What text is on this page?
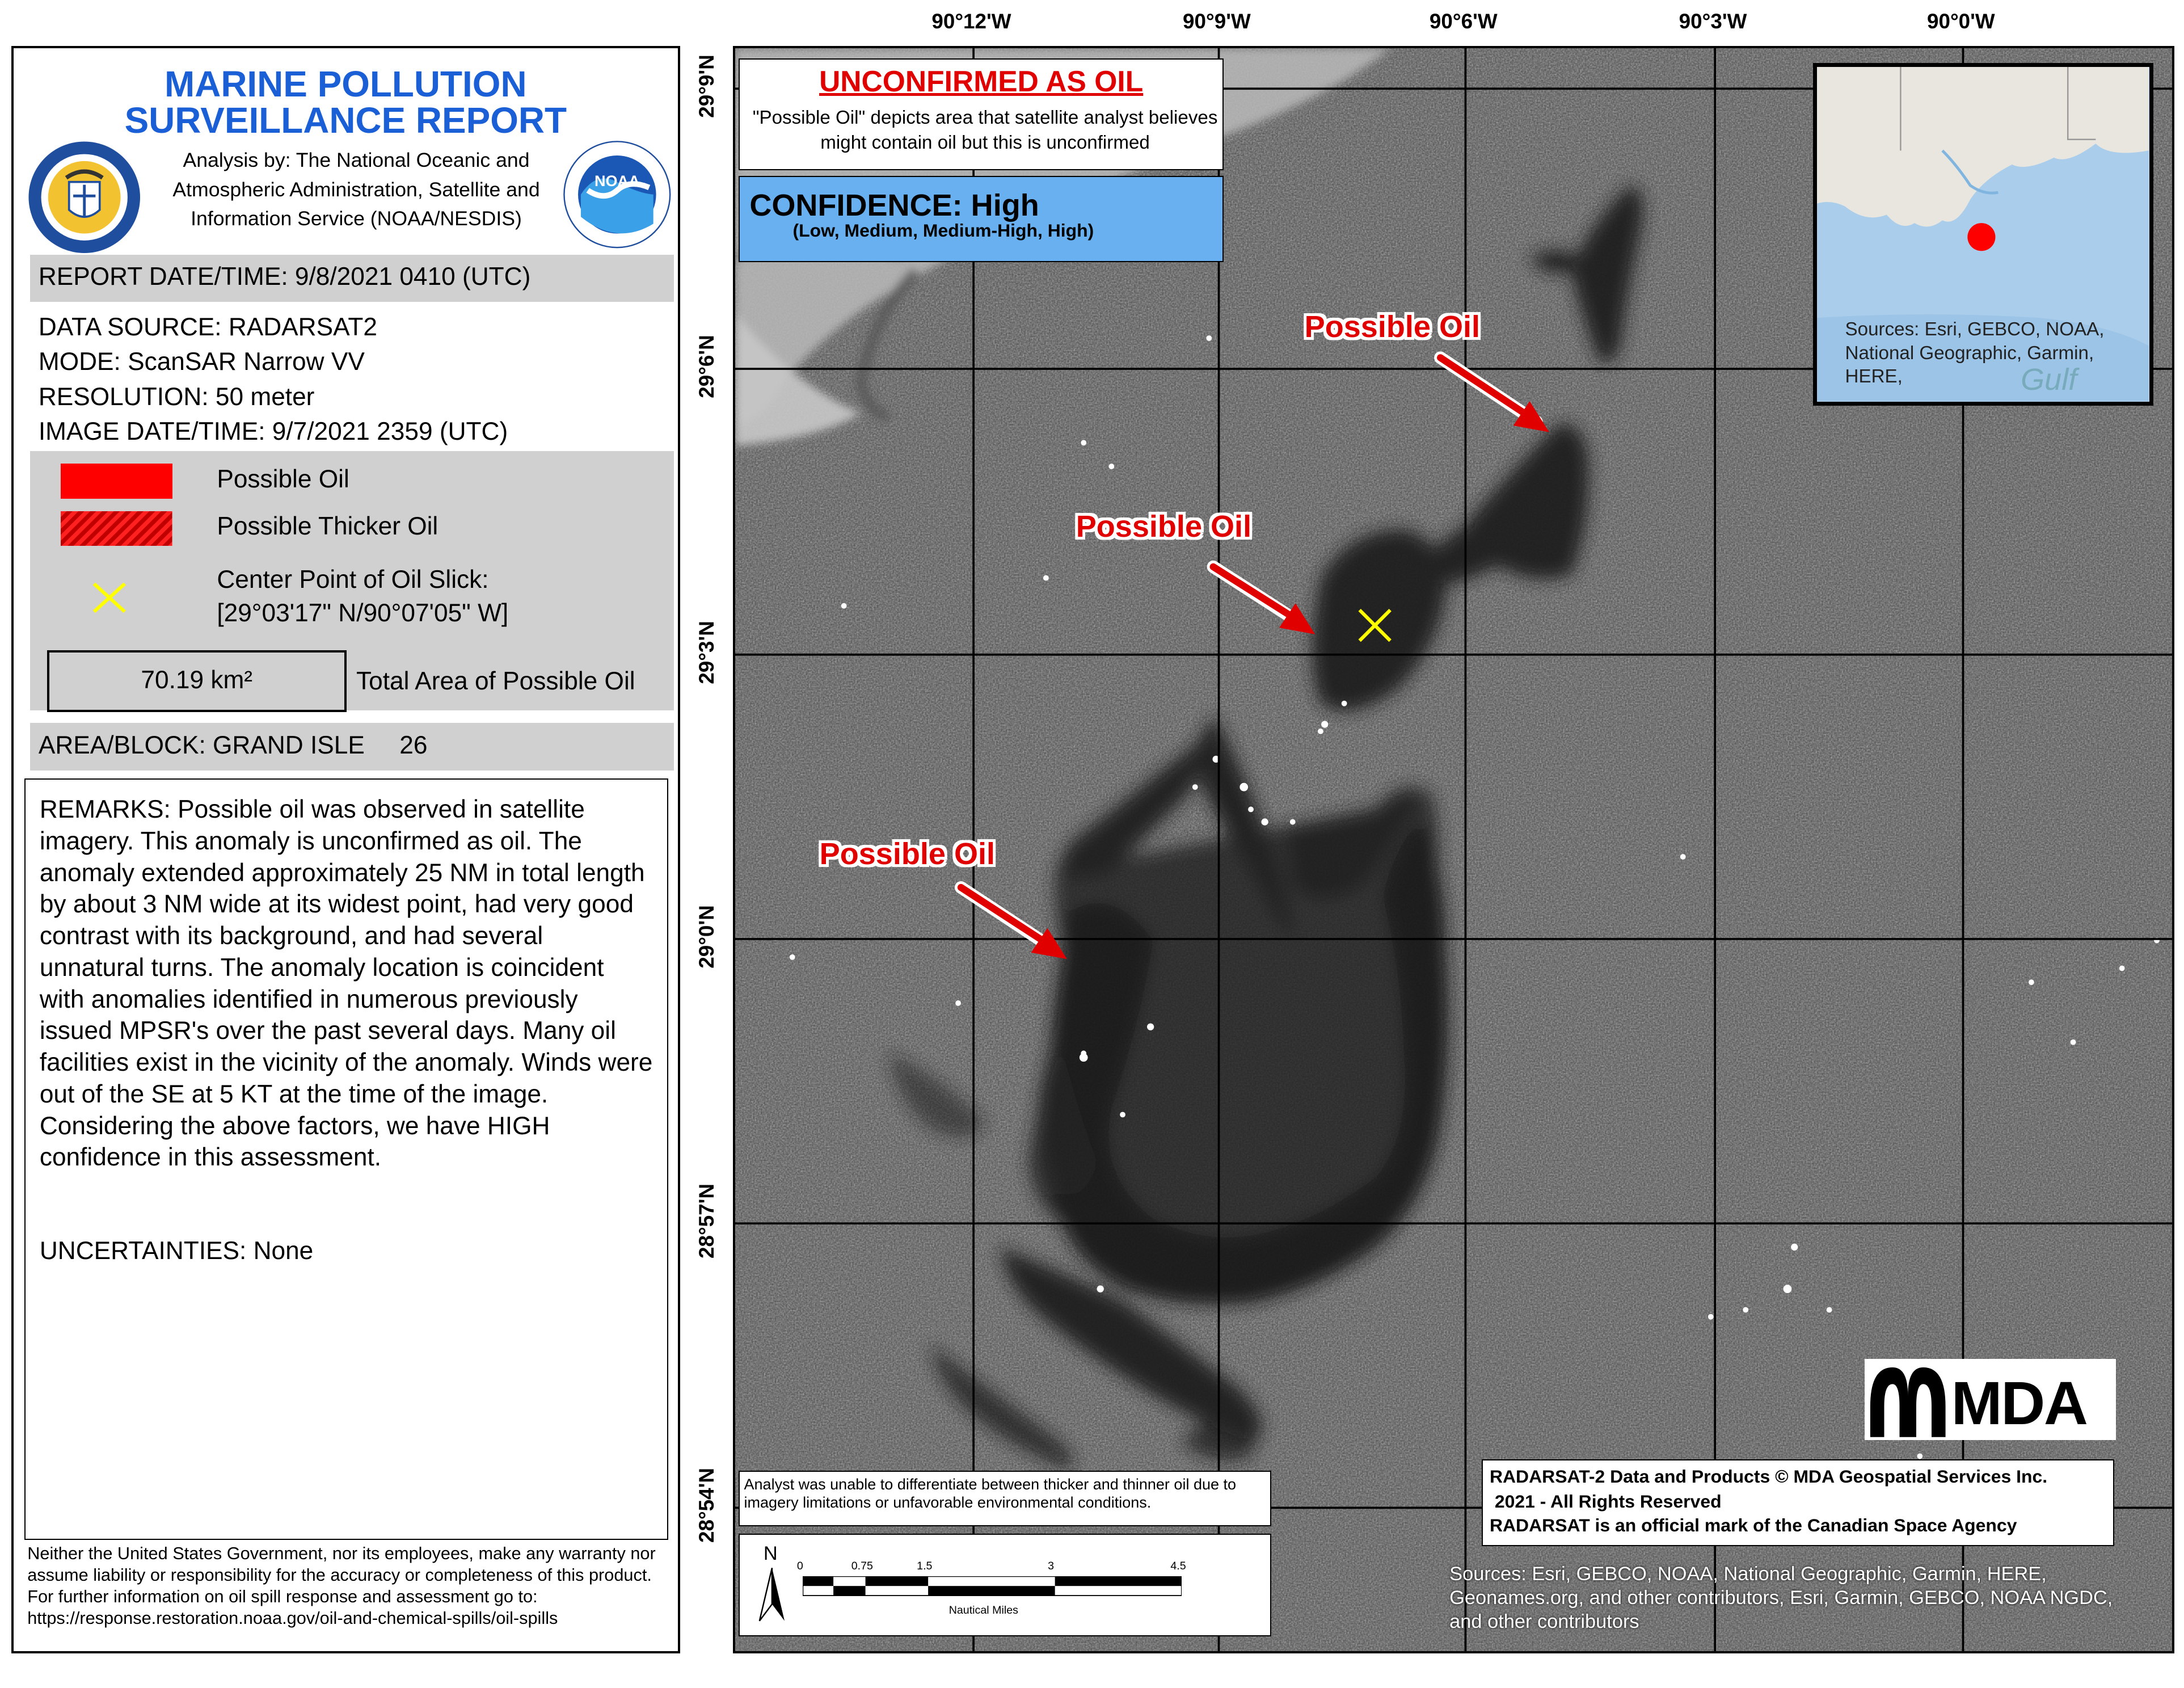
MARINE POLLUTION
SURVEILLANCE REPORT
Analysis by: The National Oceanic and Atmospheric Administration, Satellite and Information Service (NOAA/NESDIS)
NOAA
REPORT DATE/TIME: 9/8/2021 0410 (UTC)
DATA SOURCE: RADARSAT2
MODE: ScanSAR Narrow VV
RESOLUTION: 50 meter
IMAGE DATE/TIME: 9/7/2021 2359 (UTC)
Possible Oil
Possible Thicker Oil
Center Point of Oil Slick:
[29°03'17" N/90°07'05" W]
70.19 km²	Total Area of Possible Oil
AREA/BLOCK: GRAND ISLE     26
REMARKS: Possible oil was observed in satellite imagery. This anomaly is unconfirmed as oil. The anomaly extended approximately 25 NM in total length by about 3 NM wide at its widest point, had very good contrast with its background, and had several unnatural turns. The anomaly location is coincident with anomalies identified in numerous previously issued MPSR's over the past several days. Many oil facilities exist in the vicinity of the anomaly. Winds were out of the SE at 5 KT at the time of the image. Considering the above factors, we have HIGH confidence in this assessment.
UNCERTAINTIES: None
Neither the United States Government, nor its employees, make any warranty nor assume liability or responsibility for the accuracy or completeness of this product.
For further information on oil spill response and assessment go to:
https://response.restoration.noaa.gov/oil-and-chemical-spills/oil-spills
90°12'W	90°9'W	90°6'W	90°3'W	90°0'W
29°9'N
29°6'N
29°3'N
29°0'N
28°57'N
28°54'N
UNCONFIRMED AS OIL
"Possible Oil" depicts area that satellite analyst believes might contain oil but this is unconfirmed
CONFIDENCE: High
(Low, Medium, Medium-High, High)
Sources: Esri, GEBCO, NOAA, National Geographic, Garmin, HERE,	Gulf
Possible Oil
Possible Oil
Possible Oil
MDA
RADARSAT-2 Data and Products © MDA Geospatial Services Inc.
2021 - All Rights Reserved
RADARSAT is an official mark of the Canadian Space Agency
Analyst was unable to differentiate between thicker and thinner oil due to imagery limitations or unfavorable environmental conditions.
N
0	0.75	1.5	3	4.5
Nautical Miles
Sources: Esri, GEBCO, NOAA, National Geographic, Garmin, HERE, Geonames.org, and other contributors, Esri, Garmin, GEBCO, NOAA NGDC, and other contributors
